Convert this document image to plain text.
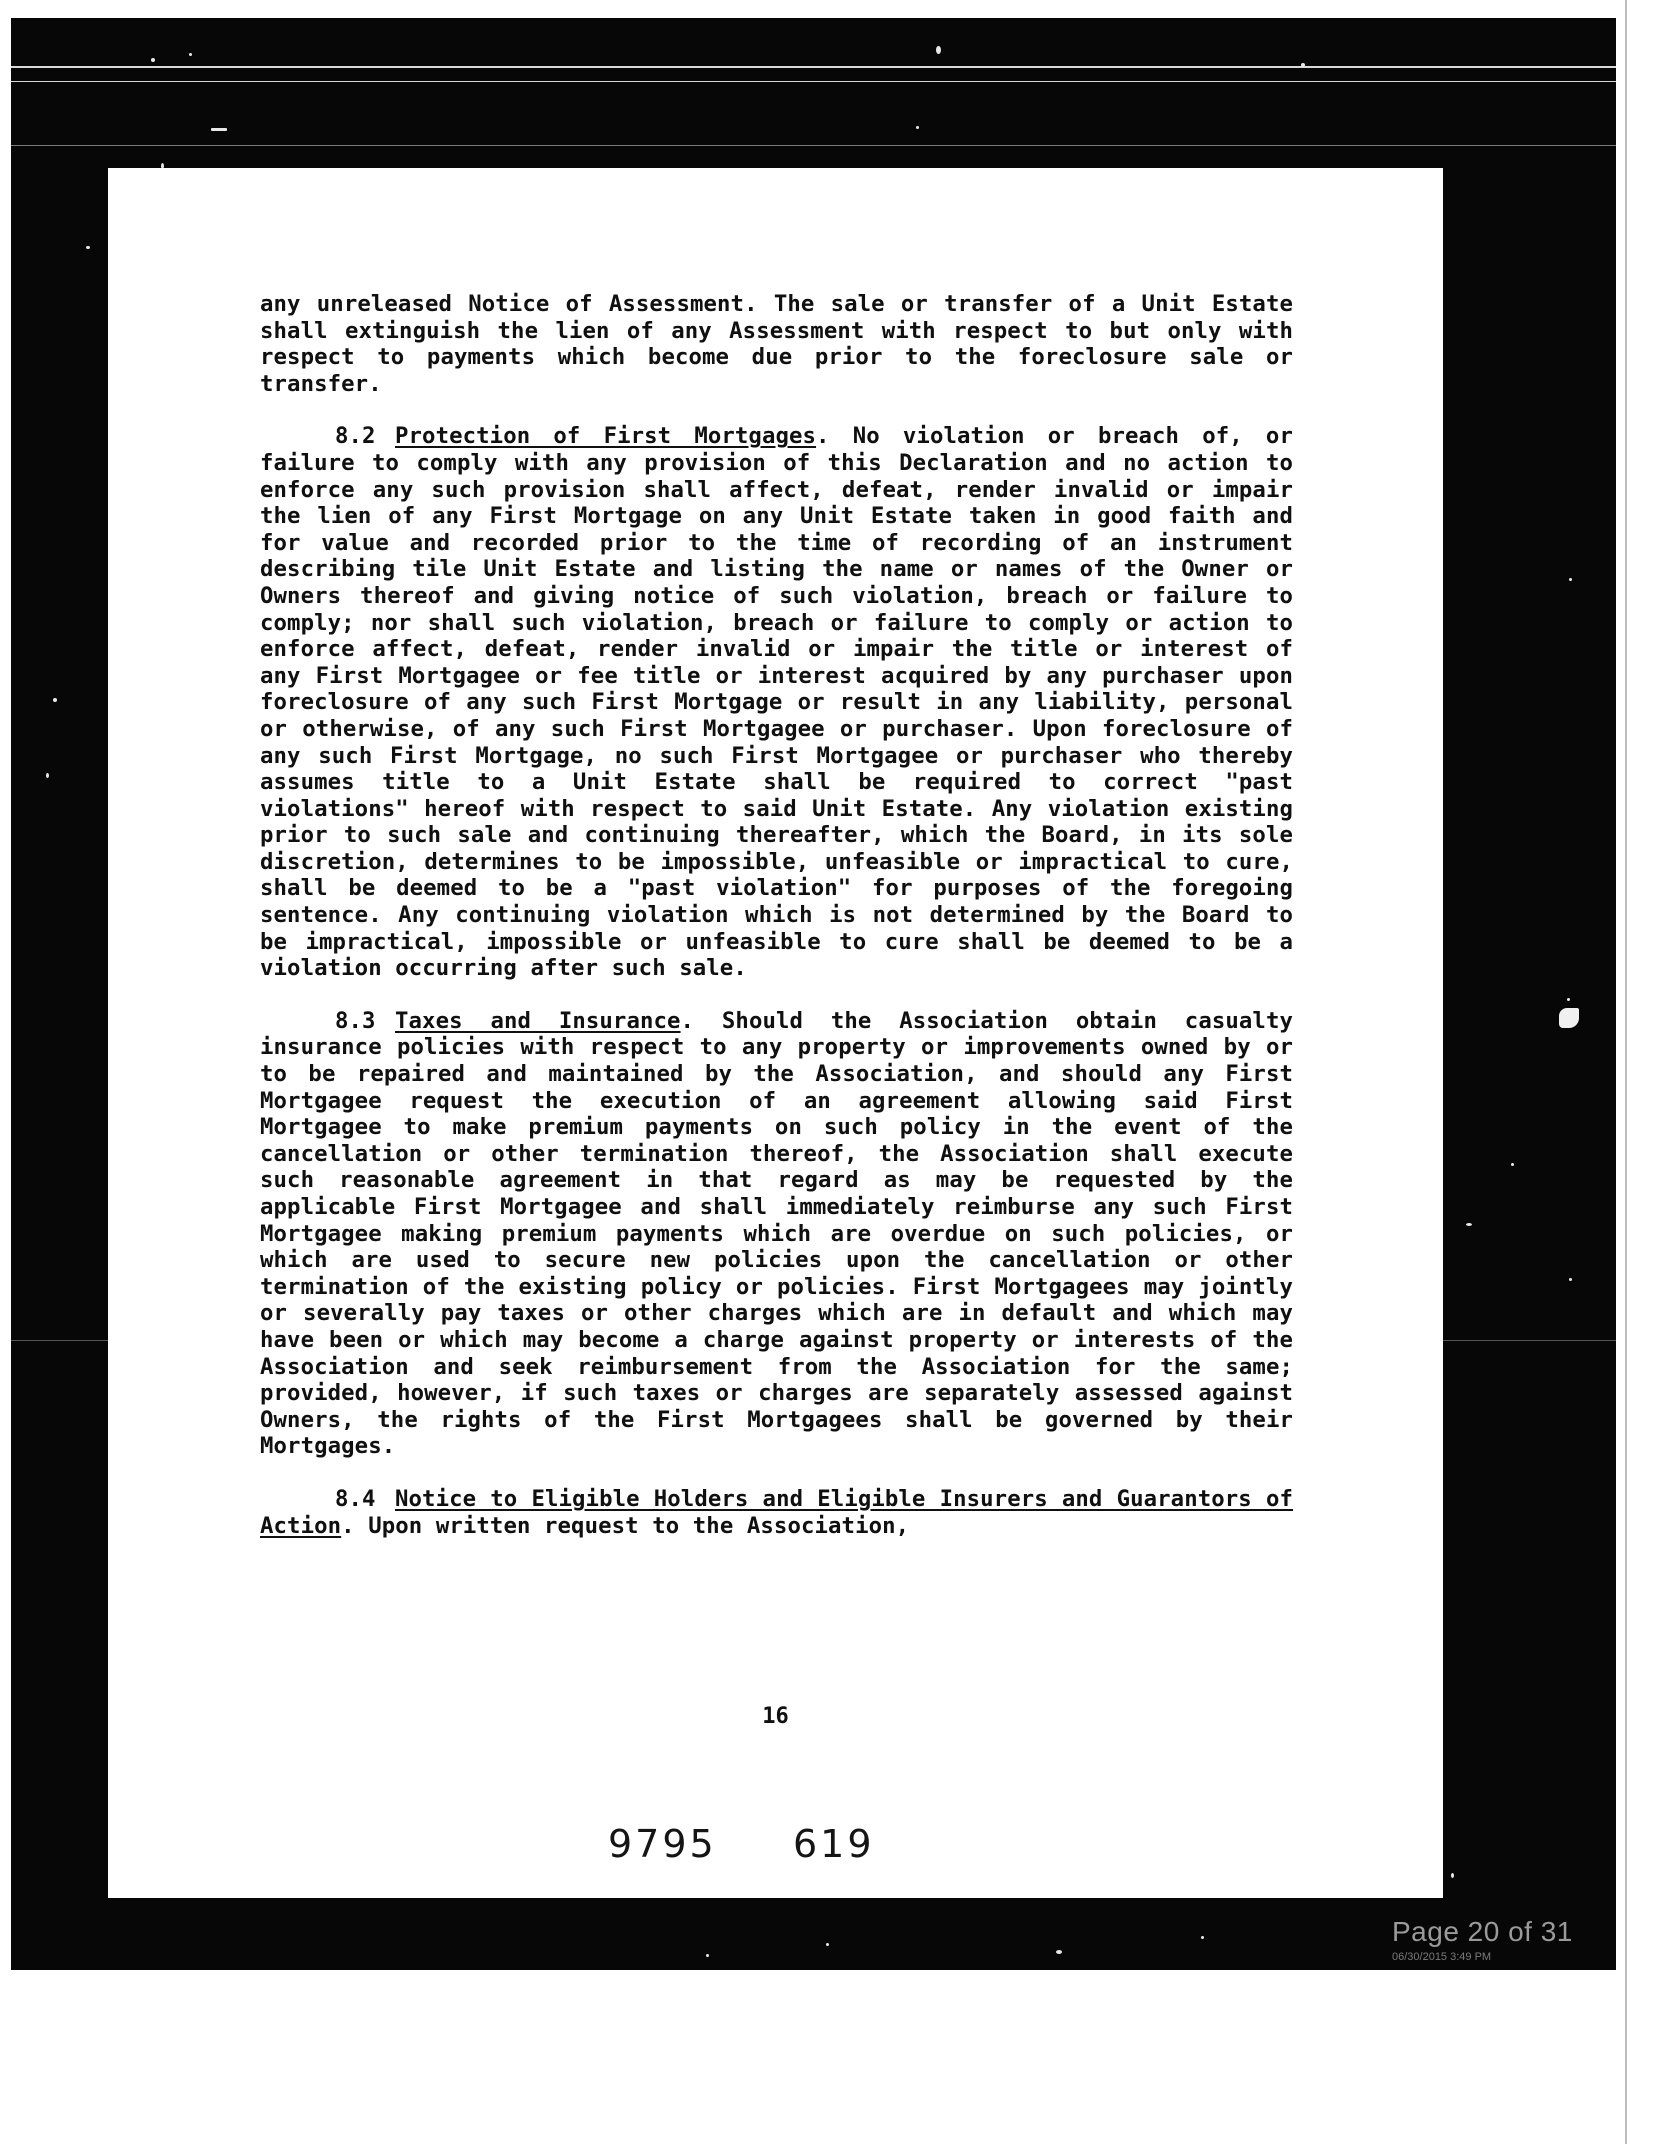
any unreleased Notice of Assessment. The sale or transfer of a Unit Estate shall extinguish the lien of any Assessment with respect to but only with respect to payments which become due prior to the foreclosure sale or transfer.

8.2 Protection of First Mortgages. No violation or breach of, or failure to comply with any provision of this Declaration and no action to enforce any such provision shall affect, defeat, render invalid or impair the lien of any First Mortgage on any Unit Estate taken in good faith and for value and recorded prior to the time of recording of an instrument describing tile Unit Estate and listing the name or names of the Owner or Owners thereof and giving notice of such violation, breach or failure to comply; nor shall such violation, breach or failure to comply or action to enforce affect, defeat, render invalid or impair the title or interest of any First Mortgagee or fee title or interest acquired by any purchaser upon foreclosure of any such First Mortgage or result in any liability, personal or otherwise, of any such First Mortgagee or purchaser. Upon foreclosure of any such First Mortgage, no such First Mortgagee or purchaser who thereby assumes title to a Unit Estate shall be required to correct "past violations" hereof with respect to said Unit Estate. Any violation existing prior to such sale and continuing thereafter, which the Board, in its sole discretion, determines to be impossible, unfeasible or impractical to cure, shall be deemed to be a "past violation" for purposes of the foregoing sentence. Any continuing violation which is not determined by the Board to be impractical, impossible or unfeasible to cure shall be deemed to be a violation occurring after such sale.

8.3 Taxes and Insurance. Should the Association obtain casualty insurance policies with respect to any property or improvements owned by or to be repaired and maintained by the Association, and should any First Mortgagee request the execution of an agreement allowing said First Mortgagee to make premium payments on such policy in the event of the cancellation or other termination thereof, the Association shall execute such reasonable agreement in that regard as may be requested by the applicable First Mortgagee and shall immediately reimburse any such First Mortgagee making premium payments which are overdue on such policies, or which are used to secure new policies upon the cancellation or other termination of the existing policy or policies. First Mortgagees may jointly or severally pay taxes or other charges which are in default and which may have been or which may become a charge against property or interests of the Association and seek reimbursement from the Association for the same; provided, however, if such taxes or charges are separately assessed against Owners, the rights of the First Mortgagees shall be governed by their Mortgages.

8.4 Notice to Eligible Holders and Eligible Insurers and Guarantors of Action. Upon written request to the Association,

16
9795 619
Page 20 of 31
06/30/2015 3:49 PM
